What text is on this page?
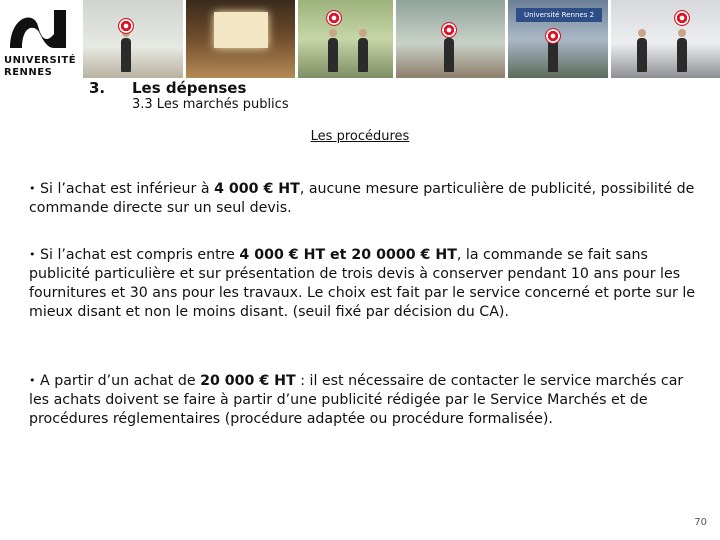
UNIVERSITÉ
RENNES
Université Rennes 2
3. Les dépenses
3.3 Les marchés publics
Les procédures

• Si l’achat est inférieur à 4 000 € HT, aucune mesure particulière de publicité, possibilité de commande directe sur un seul devis.

• Si l’achat est compris entre 4 000 € HT et 20 0000 € HT, la commande se fait sans publicité particulière et sur présentation de trois devis à conserver pendant 10 ans pour les fournitures et 30 ans pour les travaux. Le choix est fait par le service concerné et porte sur le mieux disant et non le moins disant. (seuil fixé par décision du CA).

• A partir d’un achat de 20 000 € HT : il est nécessaire de contacter le service marchés car les achats doivent se faire à partir d’une publicité rédigée par le Service Marchés et de procédures réglementaires (procédure adaptée ou procédure formalisée).

70
